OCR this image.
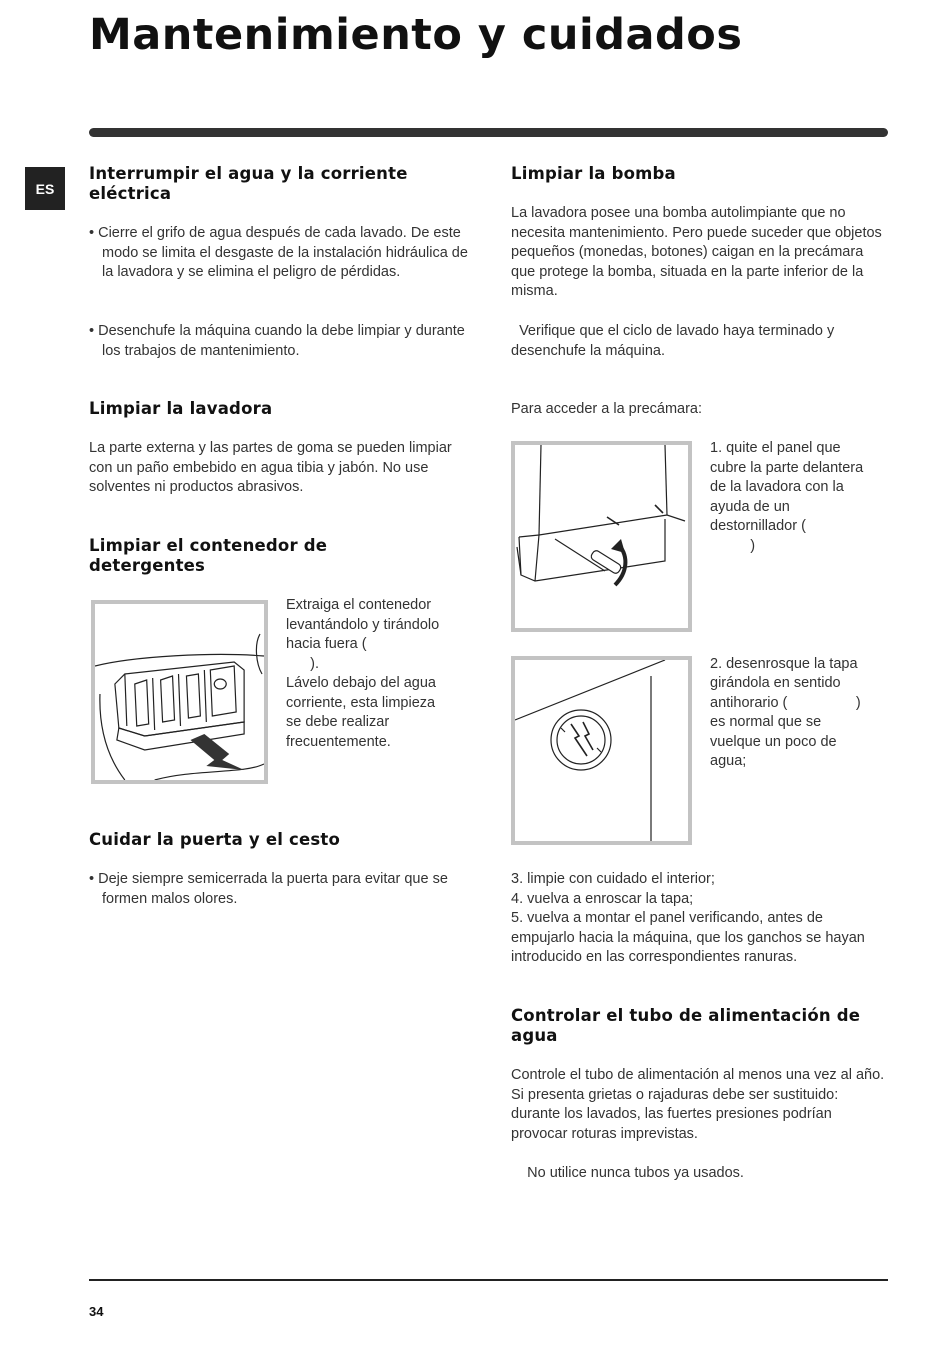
Mantenimiento y cuidados
ES
Interrumpir el agua y la corriente eléctrica

• Cierre el grifo de agua después de cada lavado. De este modo se limita el desgaste de la instalación hidráulica de la lavadora y se elimina el peligro de pérdidas.

• Desenchufe la máquina cuando la debe limpiar y durante los trabajos de mantenimiento.

Limpiar la lavadora

La parte externa y las partes de goma se pueden limpiar con un paño embebido en agua tibia y jabón. No use solventes ni productos abrasivos.

Limpiar el contenedor de detergentes

Extraiga el contenedor

levantándolo y tirándolo

hacia fuera (

).

Lávelo debajo del agua

corriente, esta limpieza

se debe realizar

frecuentemente.

Cuidar la puerta y el cesto

• Deje siempre semicerrada la puerta para evitar que se formen malos olores.

Limpiar la bomba

La lavadora posee una bomba autolimpiante que no necesita mantenimiento. Pero puede suceder que objetos pequeños (monedas, botones) caigan en la precámara que protege la bomba, situada en la parte inferior de la misma.

Verifique que el ciclo de lavado haya terminado y desenchufe la máquina.

Para acceder a la precámara:

1. quite el panel que

cubre la parte delantera

de la lavadora con la

ayuda de un

destornillador (

)

2. desenrosque la tapa

girándola en sentido

antihorario (                 )

es normal que se

vuelque un poco de

agua;

3. limpie con cuidado el interior;

4. vuelva a enroscar la tapa;

5. vuelva a montar el panel verificando, antes de empujarlo hacia la máquina, que los ganchos se hayan introducido en las correspondientes ranuras.

Controlar el tubo de alimentación de agua

Controle el tubo de alimentación al menos una vez al año. Si presenta grietas o rajaduras debe ser sustituido: durante los lavados, las fuertes presiones podrían provocar roturas imprevistas.

No utilice nunca tubos ya usados.

34
